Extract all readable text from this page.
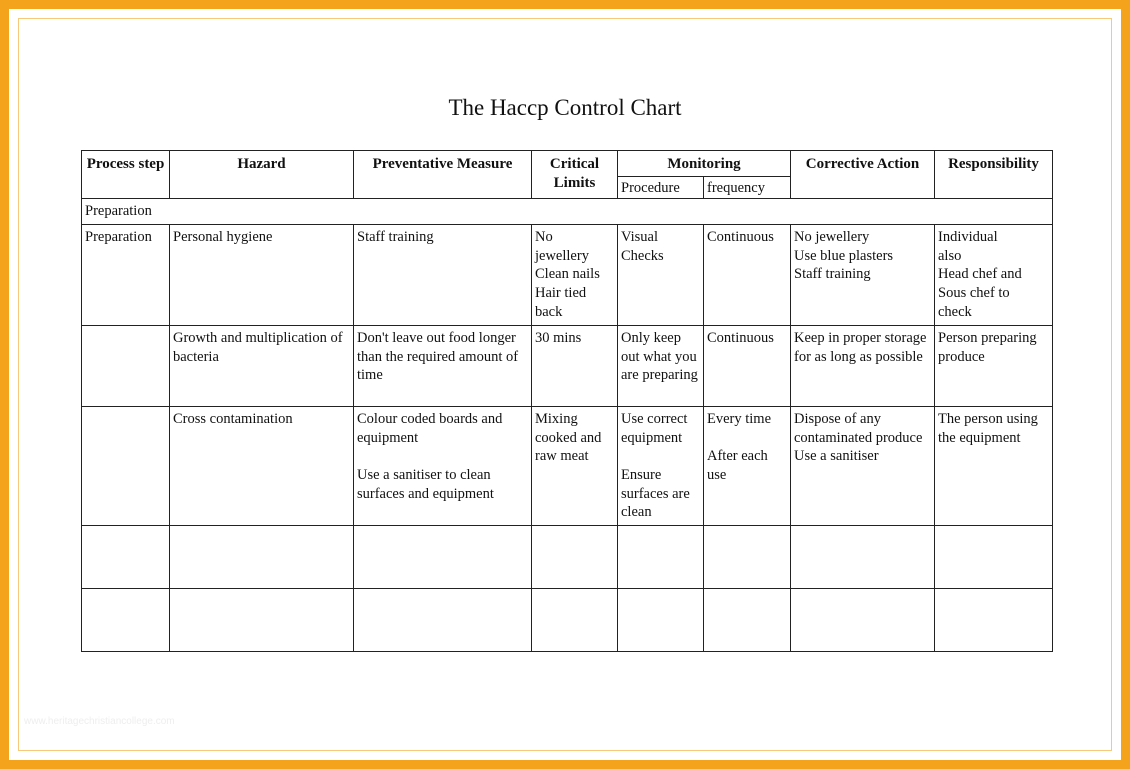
The Haccp Control Chart
Process step	Hazard	Preventative Measure	Critical Limits	Monitoring		Corrective Action	Responsibility
				Procedure	frequency		
Preparation							
Preparation	Personal hygiene	Staff training	No
jewellery
Clean nails
Hair tied
back	Visual
Checks	Continuous	No jewellery
Use blue plasters
Staff training	Individual
also
Head chef and
Sous chef to
check

	Growth and multiplication of bacteria	Don't leave out food longer than the required amount of time	30 mins	Only keep out what you are preparing	Continuous	Keep in proper storage for as long as possible	Person preparing produce

	Cross contamination	Colour coded boards and equipment
Use a sanitiser to clean surfaces and equipment	Mixing cooked and raw meat	Use correct equipment
Ensure surfaces are clean	Every time
After each use	Dispose of any contaminated produce
Use a sanitiser	The person using the equipment

www.heritagechristiancollege.com
